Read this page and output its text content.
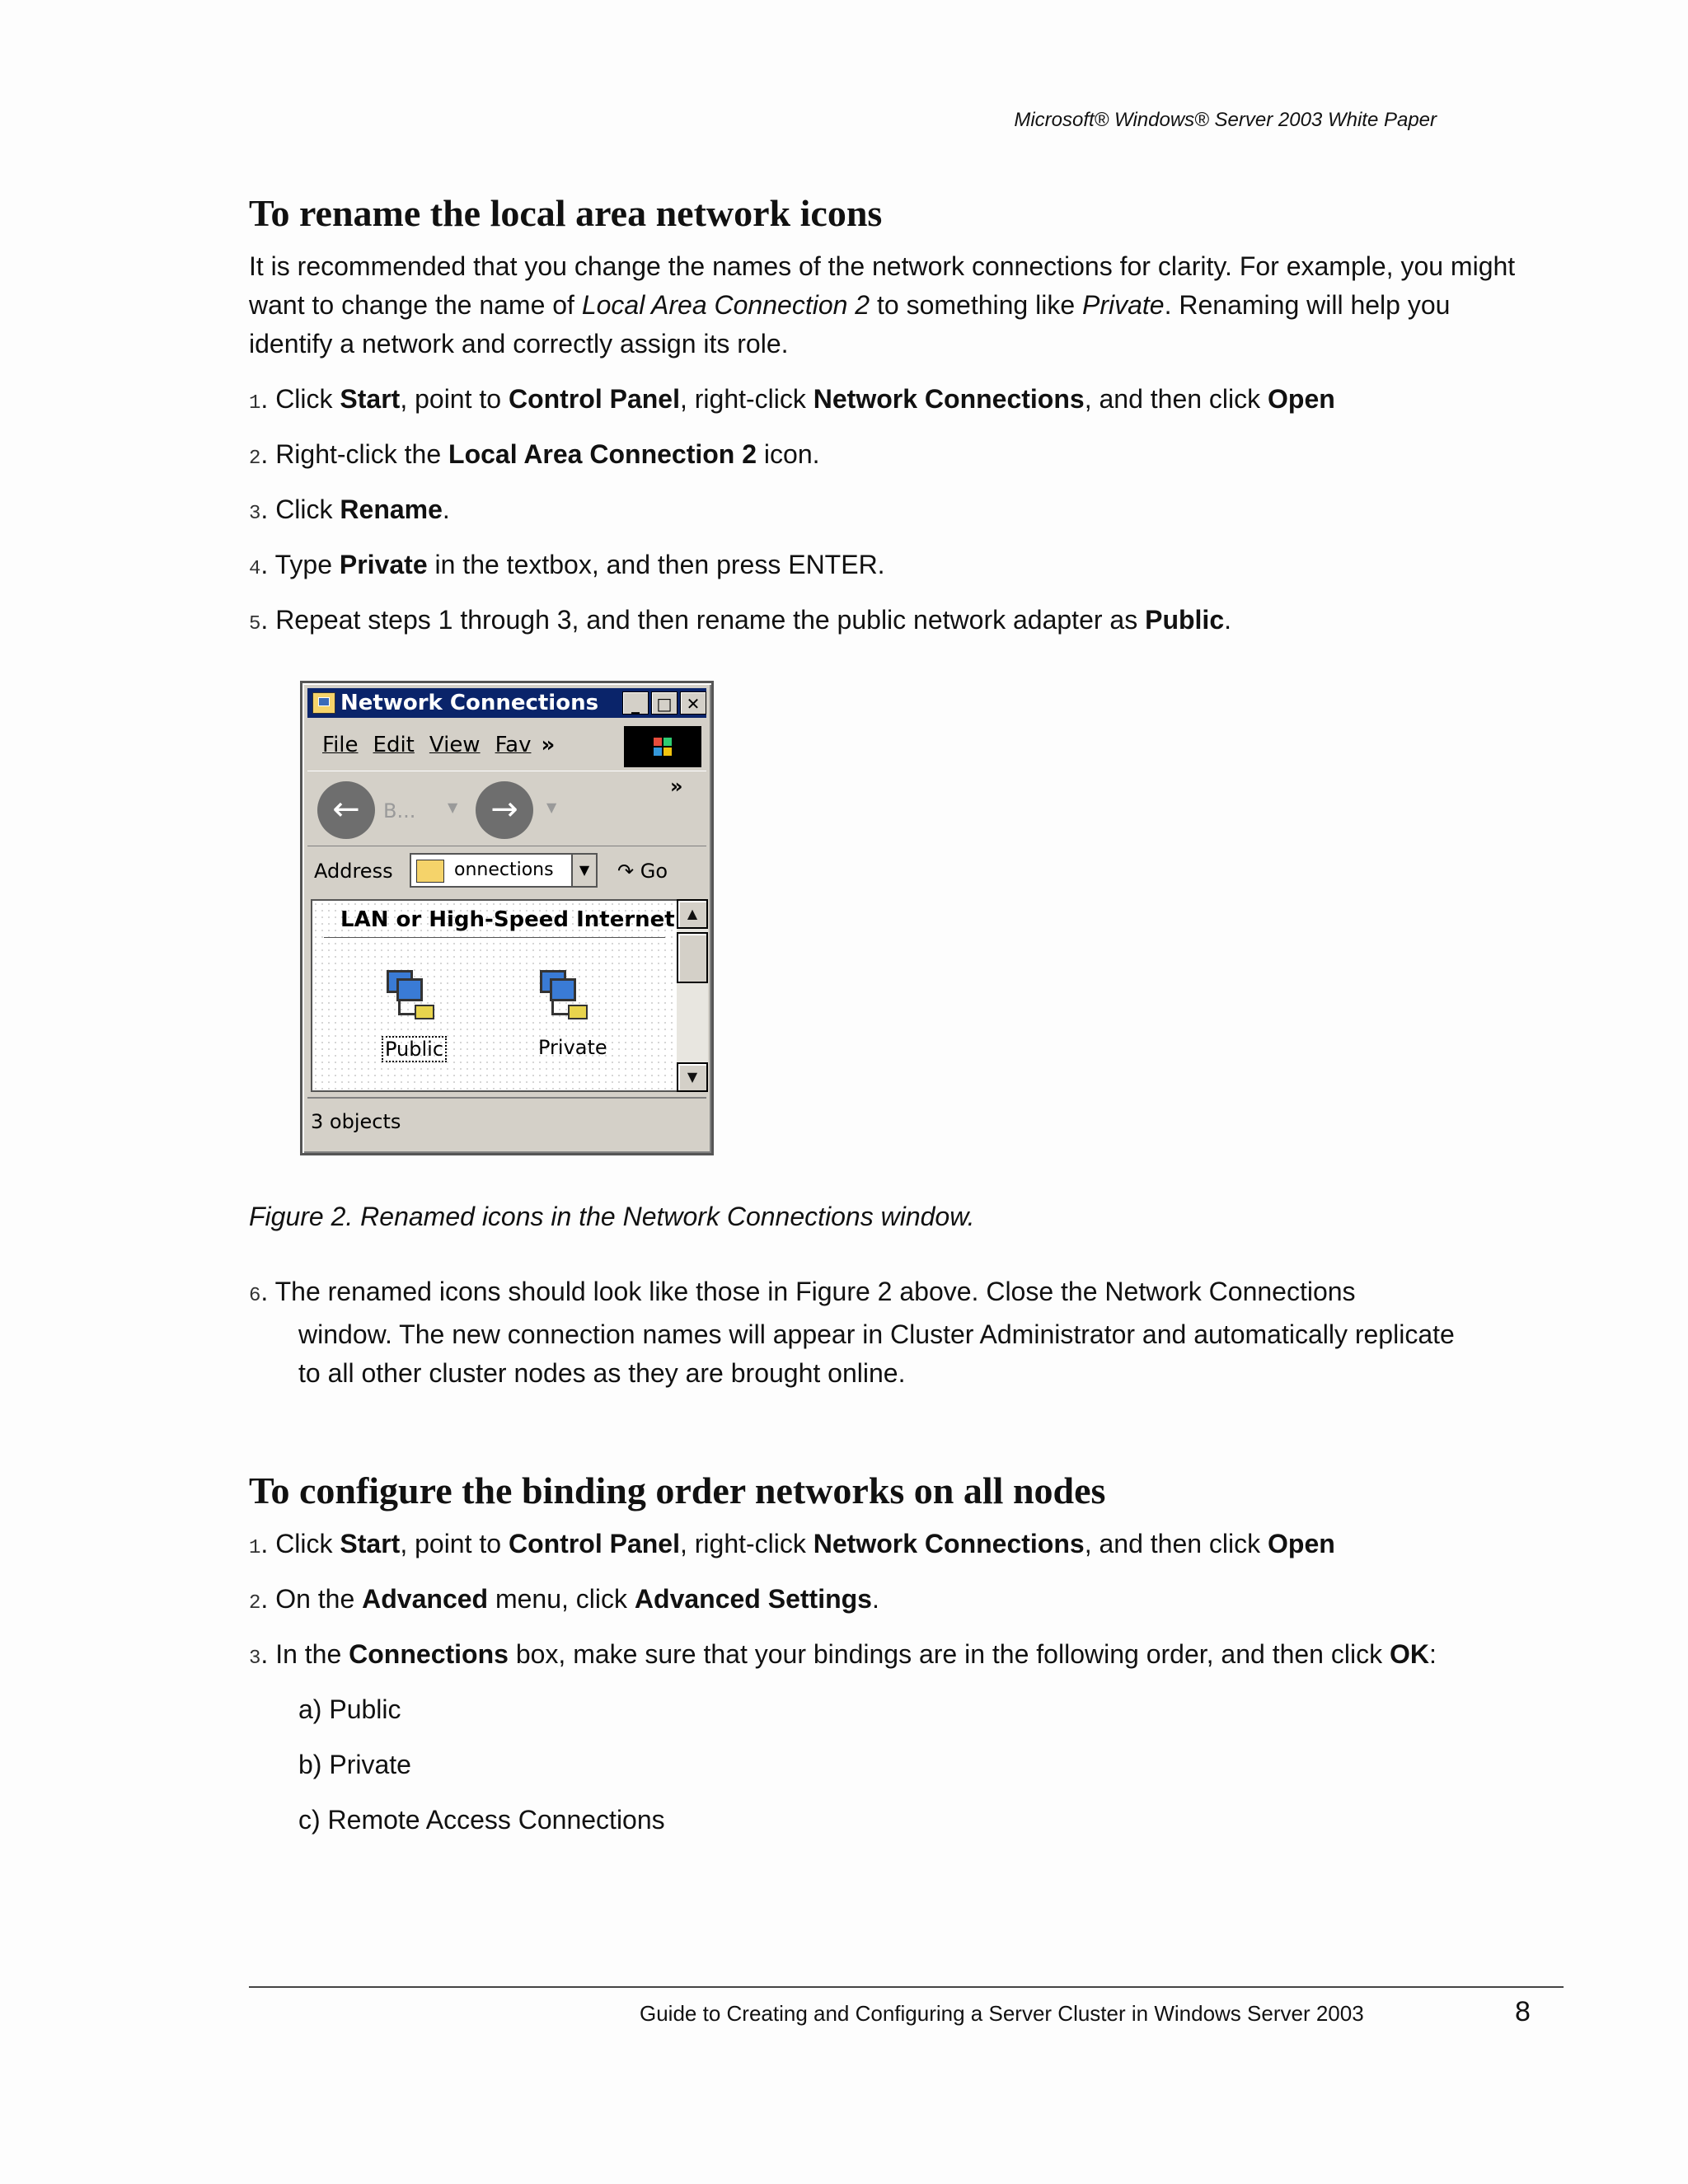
Microsoft® Windows® Server 2003 White Paper
To rename the local area network icons
It is recommended that you change the names of the network connections for clarity. For example, you might want to change the name of Local Area Connection 2 to something like Private. Renaming will help you identify a network and correctly assign its role.
1. Click Start, point to Control Panel, right-click Network Connections, and then click Open
2. Right-click the Local Area Connection 2 icon.
3. Click Rename.
4. Type Private in the textbox, and then press ENTER.
5. Repeat steps 1 through 3, and then rename the public network adapter as Public.
Network Connections	_	□ ✕
File Edit View Fav »
←	B... ▼ →	▼
»
Address	onnections	▼	↷ Go
LAN or High-Speed Internet
Public	Private
▲
▼
3 objects
Figure 2. Renamed icons in the Network Connections window.
6. The renamed icons should look like those in Figure 2 above. Close the Network Connections
window. The new connection names will appear in Cluster Administrator and automatically replicate
to all other cluster nodes as they are brought online.
To configure the binding order networks on all nodes
1. Click Start, point to Control Panel, right-click Network Connections, and then click Open
2. On the Advanced menu, click Advanced Settings.
3. In the Connections box, make sure that your bindings are in the following order, and then click OK:
a) Public
b) Private
c) Remote Access Connections
Guide to Creating and Configuring a Server Cluster in Windows Server 2003	8
